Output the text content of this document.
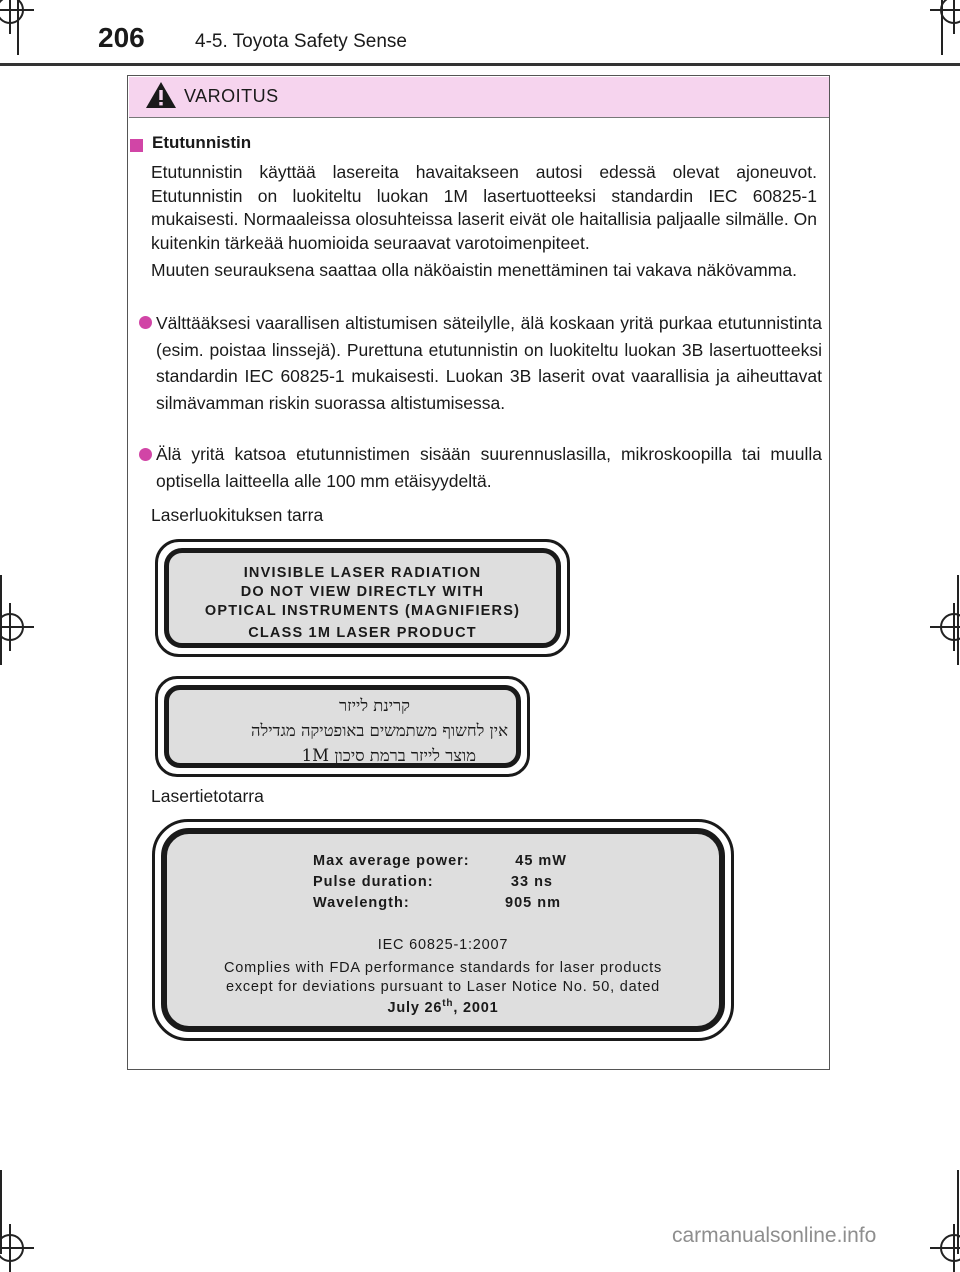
206	4-5. Toyota Safety Sense
VAROITUS
Etutunnistin
Etutunnistin käyttää lasereita havaitakseen autosi edessä olevat ajoneuvot. Etutunnistin on luokiteltu luokan 1M lasertuotteeksi standardin IEC 60825-1 mukaisesti. Normaaleissa olosuhteissa laserit eivät ole haitallisia paljaalle silmälle. On kuitenkin tärkeää huomioida seuraavat varotoimenpiteet.
Muuten seurauksena saattaa olla näköaistin menettäminen tai vakava näkövamma.
Välttääksesi vaarallisen altistumisen säteilylle, älä koskaan yritä purkaa etutunnistinta (esim. poistaa linssejä). Purettuna etutunnistin on luokiteltu luokan 3B lasertuotteeksi standardin IEC 60825-1 mukaisesti. Luokan 3B laserit ovat vaarallisia ja aiheuttavat silmävamman riskin suorassa altistumisessa.
Älä yritä katsoa etutunnistimen sisään suurennuslasilla, mikroskoopilla tai muulla optisella laitteella alle 100 mm etäisyydeltä.
Laserluokituksen tarra
INVISIBLE LASER RADIATION
DO NOT VIEW DIRECTLY WITH
OPTICAL INSTRUMENTS (MAGNIFIERS)
CLASS 1M LASER PRODUCT
קרינת לייזר
אין לחשוף משתמשים באופטיקה מגדילה
מוצר לייזר ברמת סיכון 1M
Lasertietotarra
Max average power:	45 mW
Pulse duration:	33 ns
Wavelength:	905 nm
IEC 60825-1:2007
Complies with FDA performance standards for laser products
except for deviations pursuant to Laser Notice No. 50, dated
July 26th, 2001
carmanualsonline.info
